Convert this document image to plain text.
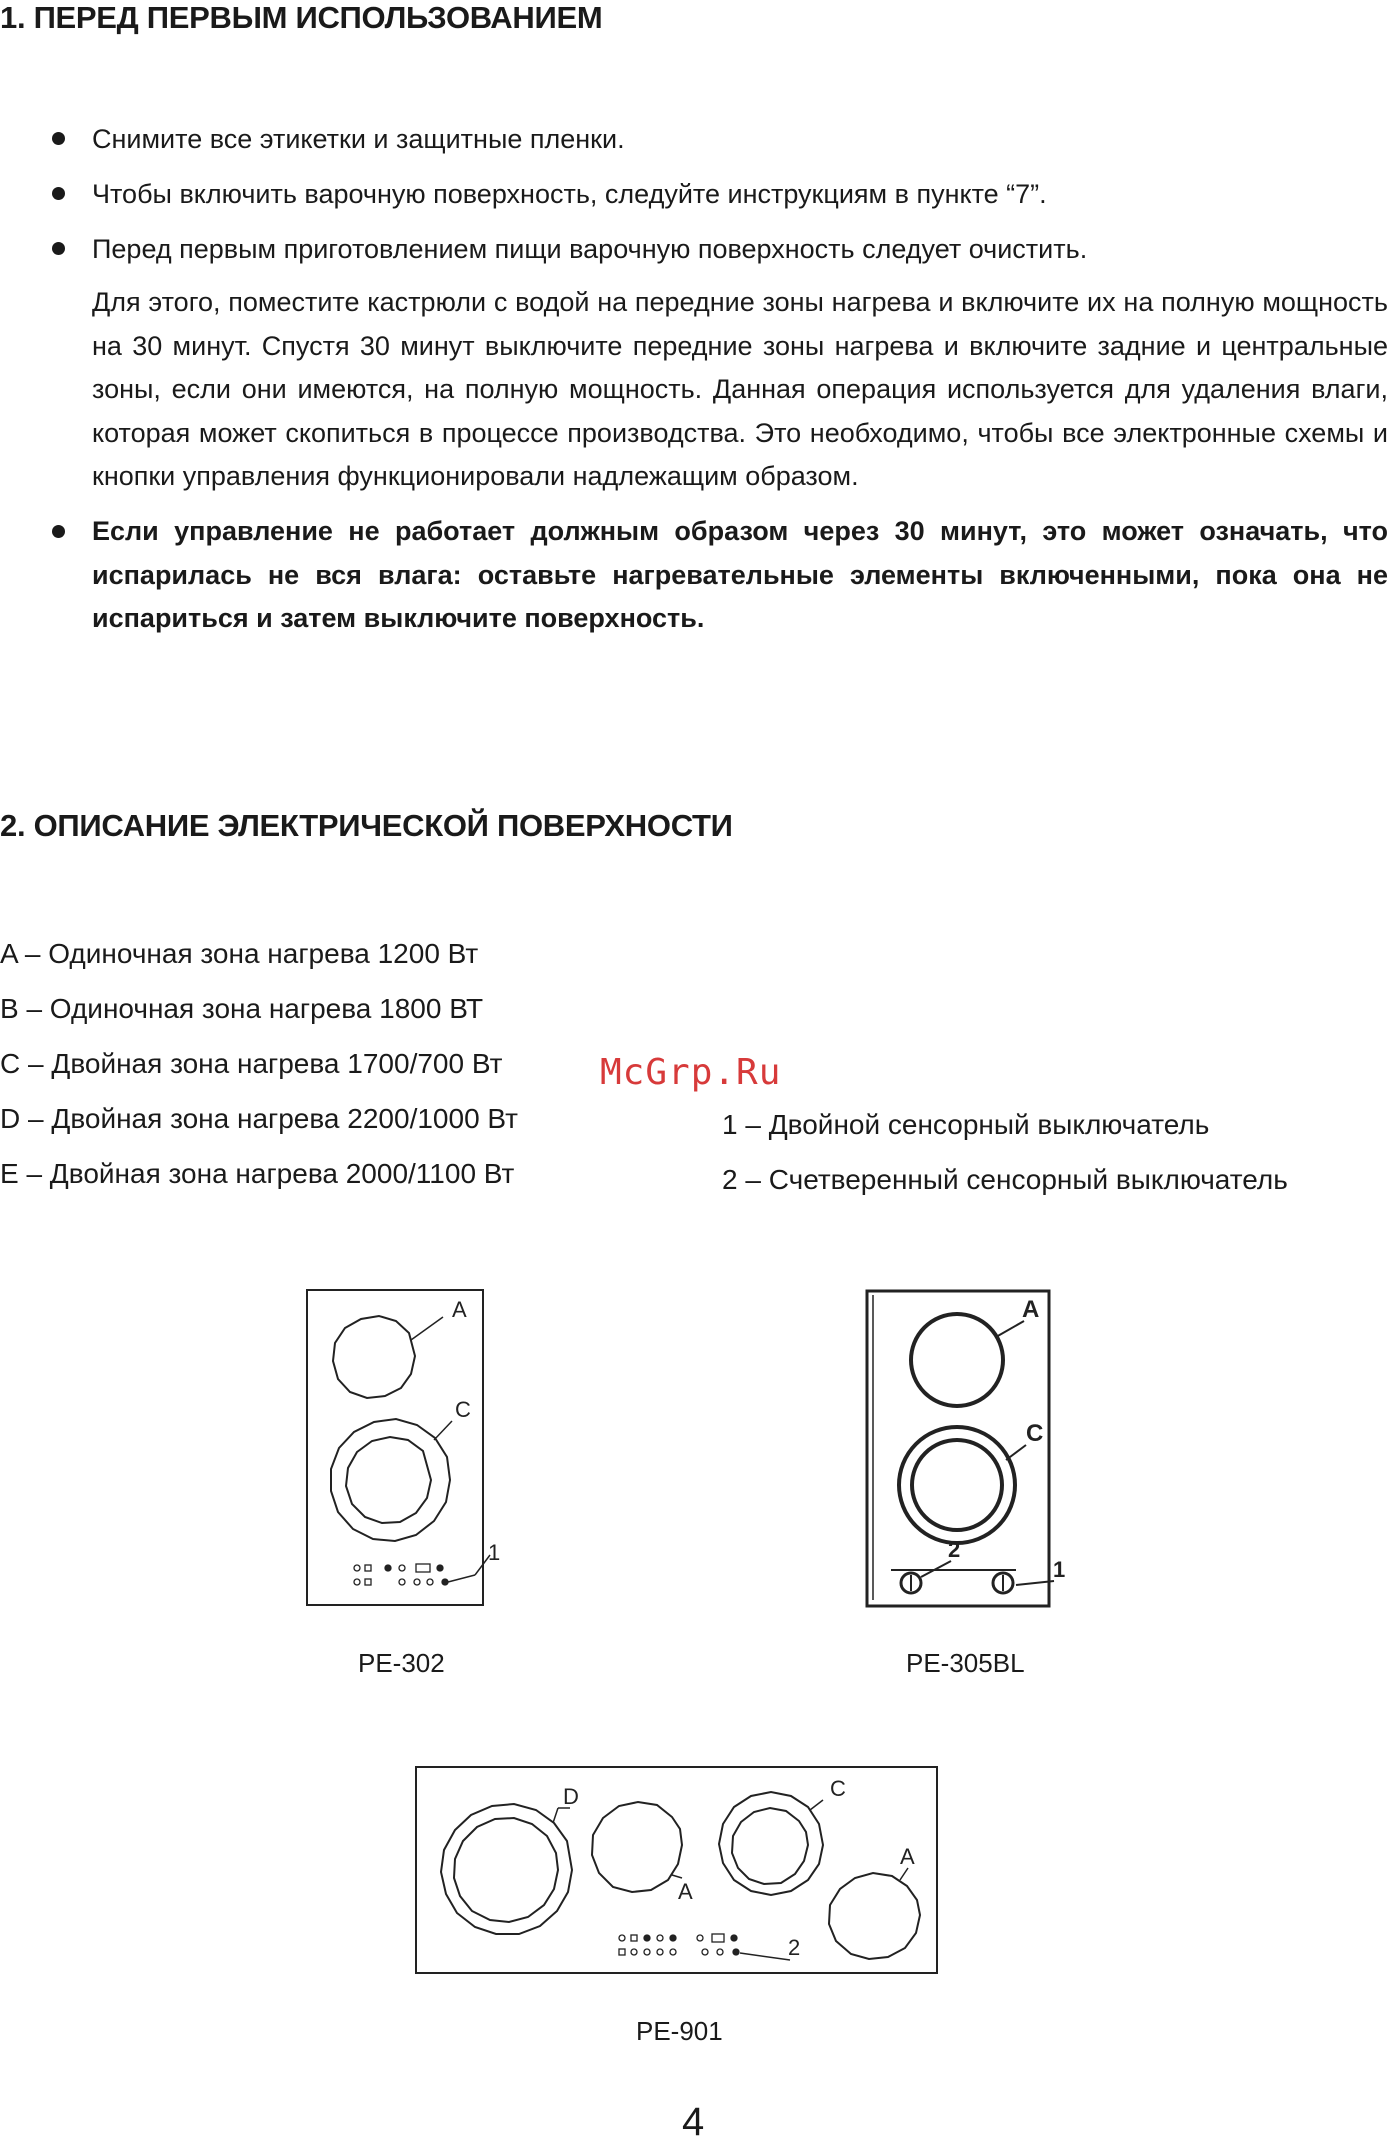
1. ПЕРЕД ПЕРВЫМ ИСПОЛЬЗОВАНИЕМ
Снимите все этикетки и защитные пленки.
Чтобы включить варочную поверхность, следуйте инструкциям в пункте “7”.
Перед первым приготовлением пищи варочную поверхность следует очистить.
Для этого, поместите кастрюли с водой на передние зоны нагрева и включите их на полную мощность на 30 минут. Спустя 30 минут выключите передние зоны нагрева и включите задние и центральные зоны, если они имеются, на полную мощность. Данная операция используется для удаления влаги, которая может скопиться в процессе производства. Это необходимо, чтобы все электронные схемы и кнопки управления функционировали надлежащим образом.
Если управление не работает должным образом через 30 минут, это может означать, что испарилась не вся влага: оставьте нагревательные элементы включенными, пока она не испариться и затем выключите поверхность.
2. ОПИСАНИЕ ЭЛЕКТРИЧЕСКОЙ ПОВЕРХНОСТИ
A – Одиночная зона нагрева 1200 Вт
B – Одиночная зона нагрева 1800 ВТ
C – Двойная зона нагрева 1700/700 Вт
D – Двойная зона нагрева 2200/1000 Вт
E – Двойная зона нагрева 2000/1100 Вт
McGrp.Ru
1 – Двойной сенсорный выключатель
2 – Счетверенный сенсорный выключатель
A
C
1
PE-302
A
C
2
1
PE-305BL
D
A
C
A
2
PE-901
4
